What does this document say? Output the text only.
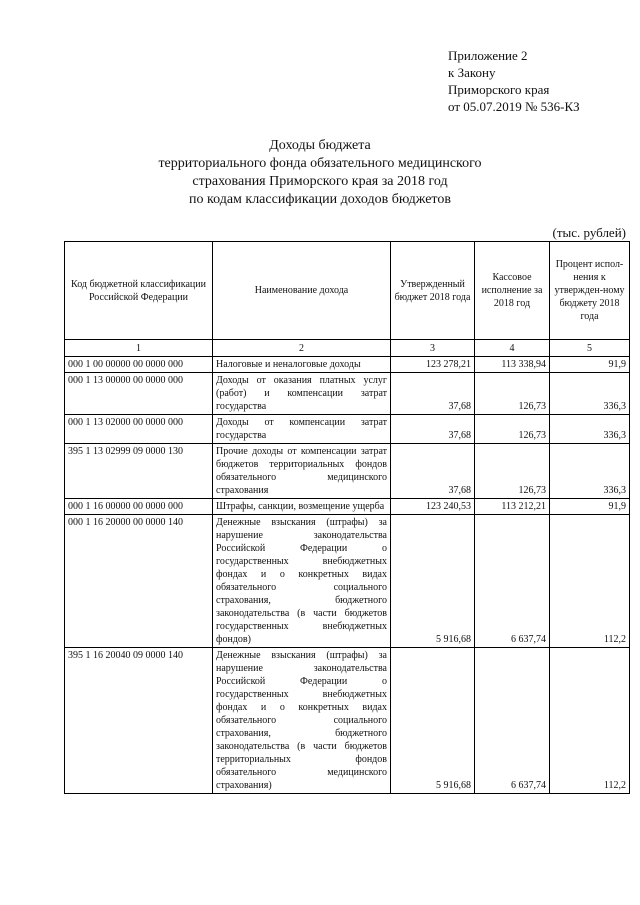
Приложение 2
к Закону
Приморского края
от 05.07.2019 № 536-КЗ
Доходы бюджета
территориального фонда обязательного медицинского
страхования Приморского края за 2018 год
по кодам классификации доходов бюджетов
(тыс. рублей)
Код бюджетной классификации Российской Федерации	Наименование дохода	Утвержденный бюджет 2018 года	Кассовое исполнение за 2018 год	Процент испол-нения к утвержден-ному бюджету 2018 года
1	2	3	4	5
000 1 00 00000 00 0000 000	Налоговые и неналоговые доходы	123 278,21	113 338,94	91,9
000 1 13 00000 00 0000 000	Доходы от оказания платных услуг (работ) и компенсации затрат государства	37,68	126,73	336,3
000 1 13 02000 00 0000 000	Доходы от компенсации затрат государства	37,68	126,73	336,3
395 1 13 02999 09 0000 130	Прочие доходы от компенсации затрат бюджетов территориальных фондов обязательного медицинского страхования	37,68	126,73	336,3
000 1 16 00000 00 0000 000	Штрафы, санкции, возмещение ущерба	123 240,53	113 212,21	91,9
000 1 16 20000 00 0000 140	Денежные взыскания (штрафы) за нарушение законодательства Российской Федерации о государственных внебюджетных фондах и о конкретных видах обязательного социального страхования, бюджетного законодательства (в части бюджетов государственных внебюджетных фондов)	5 916,68	6 637,74	112,2
395 1 16 20040 09 0000 140	Денежные взыскания (штрафы) за нарушение законодательства Российской Федерации о государственных внебюджетных фондах и о конкретных видах обязательного социального страхования, бюджетного законодательства (в части бюджетов территориальных фондов обязательного медицинского страхования)	5 916,68	6 637,74	112,2
